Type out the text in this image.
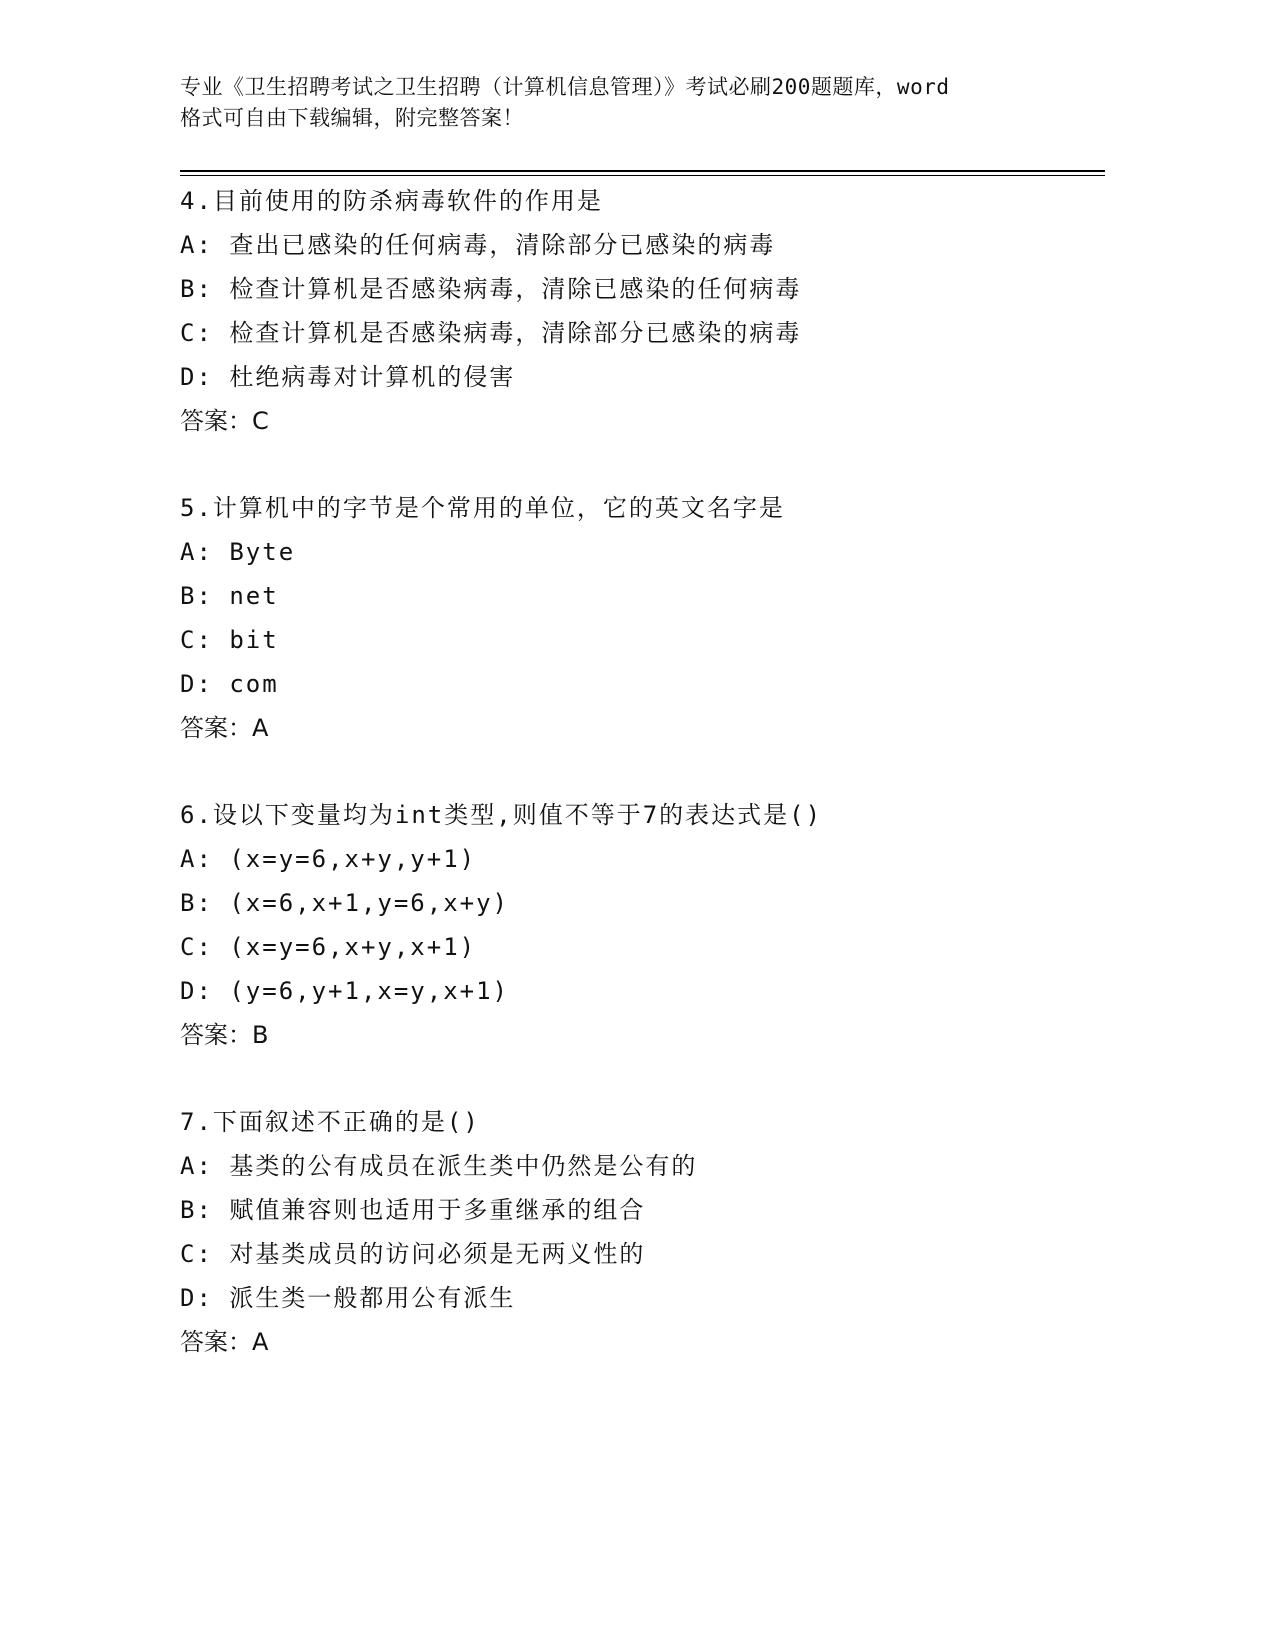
专业《卫生招聘考试之卫生招聘（计算机信息管理）》考试必刷200题题库，word
格式可自由下载编辑，附完整答案！
4.目前使用的防杀病毒软件的作用是
A: 查出已感染的任何病毒，清除部分已感染的病毒
B: 检查计算机是否感染病毒，清除已感染的任何病毒
C: 检查计算机是否感染病毒，清除部分已感染的病毒
D: 杜绝病毒对计算机的侵害
答案：C
5.计算机中的字节是个常用的单位，它的英文名字是
A: Byte
B: net
C: bit
D: com
答案：A
6.设以下变量均为int类型,则值不等于7的表达式是()
A: (x=y=6,x+y,y+1)
B: (x=6,x+1,y=6,x+y)
C: (x=y=6,x+y,x+1)
D: (y=6,y+1,x=y,x+1)
答案：B
7.下面叙述不正确的是()
A: 基类的公有成员在派生类中仍然是公有的
B: 赋值兼容则也适用于多重继承的组合
C: 对基类成员的访问必须是无两义性的
D: 派生类一般都用公有派生
答案：A
